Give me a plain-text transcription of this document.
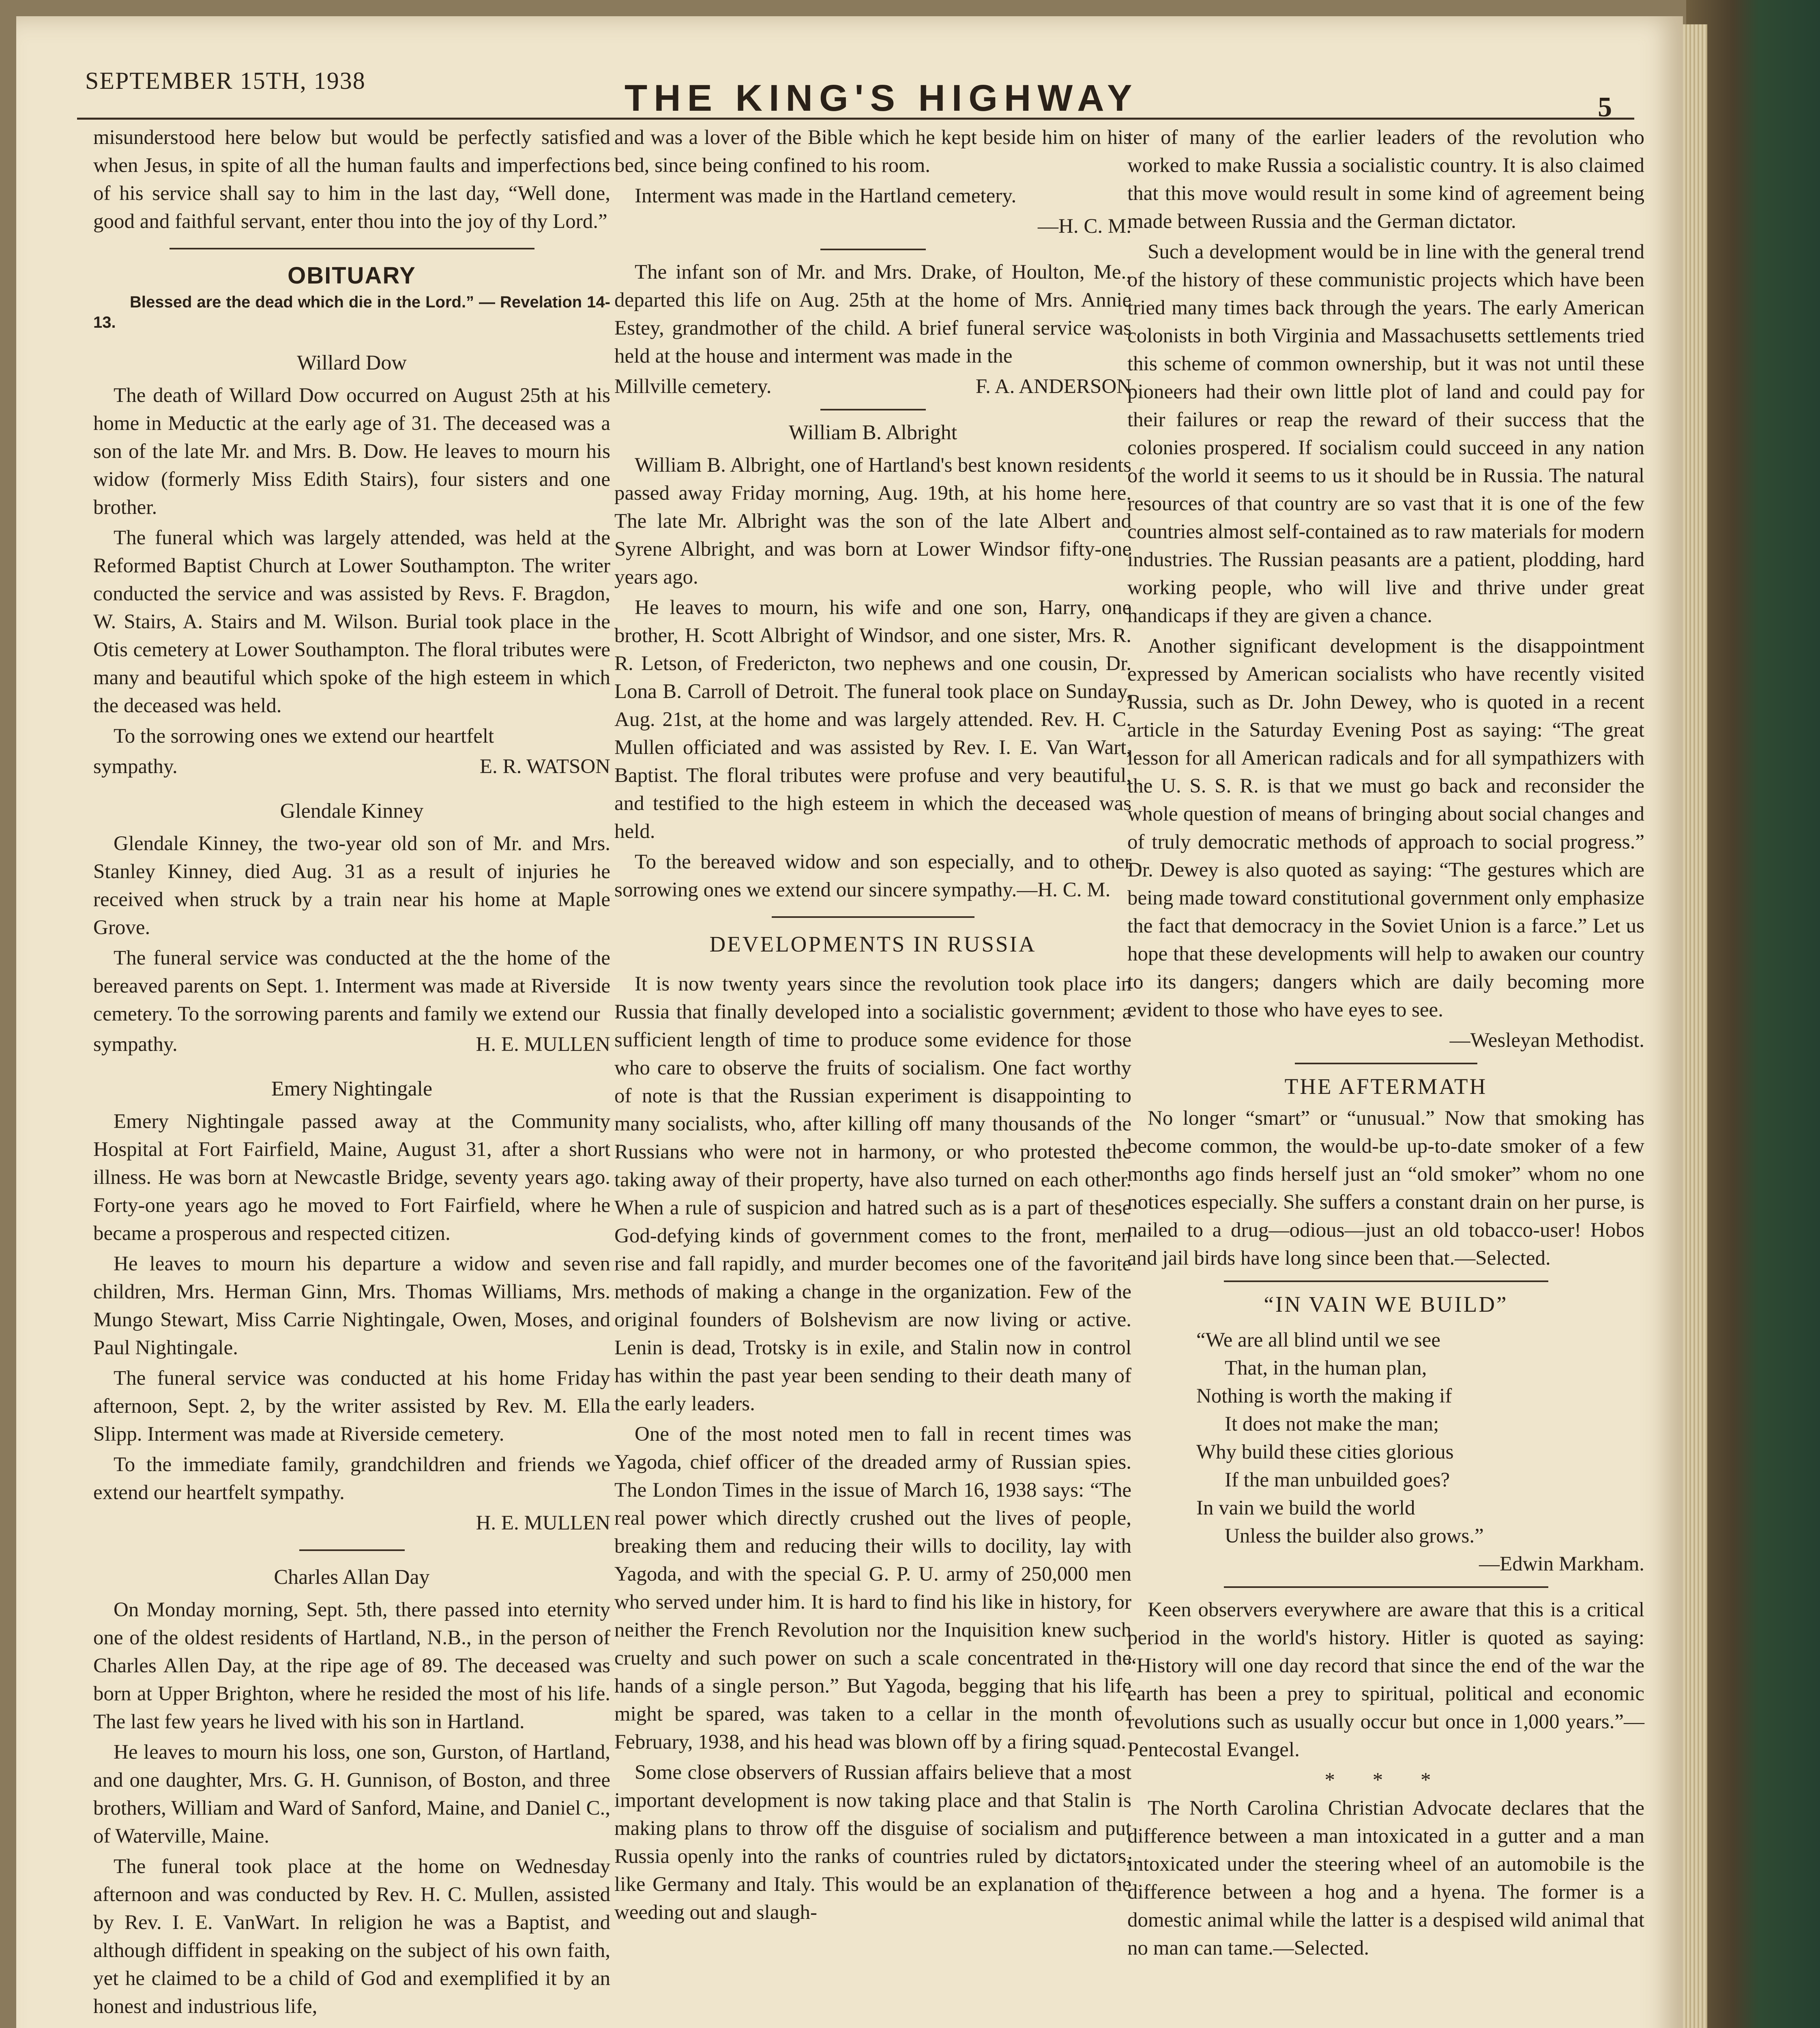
SEPTEMBER 15TH, 1938	THE KING'S HIGHWAY	5

misunderstood here below but would be perfectly satisfied when Jesus, in spite of all the human faults and imperfections of his service shall say to him in the last day, “Well done, good and faithful servant, enter thou into the joy of thy Lord.”

OBITUARY
Blessed are the dead which die in the Lord.” — Revelation 14-13.
Willard Dow

The death of Willard Dow occurred on August 25th at his home in Meductic at the early age of 31. The deceased was a son of the late Mr. and Mrs. B. Dow. He leaves to mourn his widow (formerly Miss Edith Stairs), four sisters and one brother.

The funeral which was largely attended, was held at the Reformed Baptist Church at Lower Southampton. The writer conducted the service and was assisted by Revs. F. Bragdon, W. Stairs, A. Stairs and M. Wilson. Burial took place in the Otis cemetery at Lower Southampton. The floral tributes were many and beautiful which spoke of the high esteem in which the deceased was held.

To the sorrowing ones we extend our heartfelt

sympathy.	E. R. WATSON
Glendale Kinney

Glendale Kinney, the two-year old son of Mr. and Mrs. Stanley Kinney, died Aug. 31 as a result of injuries he received when struck by a train near his home at Maple Grove.

The funeral service was conducted at the the home of the bereaved parents on Sept. 1. Interment was made at Riverside cemetery. To the sorrowing parents and family we extend our

sympathy.	H. E. MULLEN
Emery Nightingale

Emery Nightingale passed away at the Community Hospital at Fort Fairfield, Maine, August 31, after a short illness. He was born at Newcastle Bridge, seventy years ago. Forty-one years ago he moved to Fort Fairfield, where he became a prosperous and respected citizen.

He leaves to mourn his departure a widow and seven children, Mrs. Herman Ginn, Mrs. Thomas Williams, Mrs. Mungo Stewart, Miss Carrie Nightingale, Owen, Moses, and Paul Nightingale.

The funeral service was conducted at his home Friday afternoon, Sept. 2, by the writer assisted by Rev. M. Ella Slipp. Interment was made at Riverside cemetery.

To the immediate family, grandchildren and friends we extend our heartfelt sympathy.

H. E. MULLEN
Charles Allan Day

On Monday morning, Sept. 5th, there passed into eternity one of the oldest residents of Hartland, N.B., in the person of Charles Allen Day, at the ripe age of 89. The deceased was born at Upper Brighton, where he resided the most of his life. The last few years he lived with his son in Hartland.

He leaves to mourn his loss, one son, Gurston, of Hartland, and one daughter, Mrs. G. H. Gunnison, of Boston, and three brothers, William and Ward of Sanford, Maine, and Daniel C., of Waterville, Maine.

The funeral took place at the home on Wednesday afternoon and was conducted by Rev. H. C. Mullen, assisted by Rev. I. E. VanWart. In religion he was a Baptist, and although diffident in speaking on the subject of his own faith, yet he claimed to be a child of God and exemplified it by an honest and industrious life,

and was a lover of the Bible which he kept beside him on his bed, since being confined to his room.

Interment was made in the Hartland cemetery.

—H. C. M.

The infant son of Mr. and Mrs. Drake, of Houlton, Me., departed this life on Aug. 25th at the home of Mrs. Annie Estey, grandmother of the child. A brief funeral service was held at the house and interment was made in the

Millville cemetery.	F. A. ANDERSON
William B. Albright

William B. Albright, one of Hartland's best known residents passed away Friday morning, Aug. 19th, at his home here. The late Mr. Albright was the son of the late Albert and Syrene Albright, and was born at Lower Windsor fifty-one years ago.

He leaves to mourn, his wife and one son, Harry, one brother, H. Scott Albright of Windsor, and one sister, Mrs. R. R. Letson, of Fredericton, two nephews and one cousin, Dr. Lona B. Carroll of Detroit. The funeral took place on Sunday, Aug. 21st, at the home and was largely attended. Rev. H. C. Mullen officiated and was assisted by Rev. I. E. Van Wart, Baptist. The floral tributes were profuse and very beautiful, and testified to the high esteem in which the deceased was held.

To the bereaved widow and son especially, and to other sorrowing ones we extend our sincere sympathy.—H. C. M.

DEVELOPMENTS IN RUSSIA

It is now twenty years since the revolution took place in Russia that finally developed into a socialistic government; a sufficient length of time to produce some evidence for those who care to observe the fruits of socialism. One fact worthy of note is that the Russian experiment is disappointing to many socialists, who, after killing off many thousands of the Russians who were not in harmony, or who protested the taking away of their property, have also turned on each other. When a rule of suspicion and hatred such as is a part of these God-defying kinds of government comes to the front, men rise and fall rapidly, and murder becomes one of the favorite methods of making a change in the organization. Few of the original founders of Bolshevism are now living or active. Lenin is dead, Trotsky is in exile, and Stalin now in control has within the past year been sending to their death many of the early leaders.

One of the most noted men to fall in recent times was Yagoda, chief officer of the dreaded army of Russian spies. The London Times in the issue of March 16, 1938 says: “The real power which directly crushed out the lives of people, breaking them and reducing their wills to docility, lay with Yagoda, and with the special G. P. U. army of 250,000 men who served under him. It is hard to find his like in history, for neither the French Revolution nor the Inquisition knew such cruelty and such power on such a scale concentrated in the hands of a single person.” But Yagoda, begging that his life might be spared, was taken to a cellar in the month of February, 1938, and his head was blown off by a firing squad.

Some close observers of Russian affairs believe that a most important development is now taking place and that Stalin is making plans to throw off the disguise of socialism and put Russia openly into the ranks of countries ruled by dictators, like Germany and Italy. This would be an explanation of the weeding out and slaugh-

ter of many of the earlier leaders of the revolution who worked to make Russia a socialistic country. It is also claimed that this move would result in some kind of agreement being made between Russia and the German dictator.

Such a development would be in line with the general trend of the history of these communistic projects which have been tried many times back through the years. The early American colonists in both Virginia and Massachusetts settlements tried this scheme of common ownership, but it was not until these pioneers had their own little plot of land and could pay for their failures or reap the reward of their success that the colonies prospered. If socialism could succeed in any nation of the world it seems to us it should be in Russia. The natural resources of that country are so vast that it is one of the few countries almost self-contained as to raw materials for modern industries. The Russian peasants are a patient, plodding, hard working people, who will live and thrive under great handicaps if they are given a chance.

Another significant development is the disappointment expressed by American socialists who have recently visited Russia, such as Dr. John Dewey, who is quoted in a recent article in the Saturday Evening Post as saying: “The great lesson for all American radicals and for all sympathizers with the U. S. S. R. is that we must go back and reconsider the whole question of means of bringing about social changes and of truly democratic methods of approach to social progress.” Dr. Dewey is also quoted as saying: “The gestures which are being made toward constitutional government only emphasize the fact that democracy in the Soviet Union is a farce.” Let us hope that these developments will help to awaken our country to its dangers; dangers which are daily becoming more evident to those who have eyes to see.

—Wesleyan Methodist.
THE AFTERMATH

No longer “smart” or “unusual.” Now that smoking has become common, the would-be up-to-date smoker of a few months ago finds herself just an “old smoker” whom no one notices especially. She suffers a constant drain on her purse, is nailed to a drug—odious—just an old tobacco-user! Hobos and jail birds have long since been that.—Selected.

“IN VAIN WE BUILD”
“We are all blind until we see
That, in the human plan,
Nothing is worth the making if
It does not make the man;
Why build these cities glorious
If the man unbuilded goes?
In vain we build the world
Unless the builder also grows.”
—Edwin Markham.

Keen observers everywhere are aware that this is a critical period in the world's history. Hitler is quoted as saying: “History will one day record that since the end of the war the earth has been a prey to spiritual, political and economic revolutions such as usually occur but once in 1,000 years.”—Pentecostal Evangel.

* * *

The North Carolina Christian Advocate declares that the difference between a man intoxicated in a gutter and a man intoxicated under the steering wheel of an automobile is the difference between a hog and a hyena. The former is a domestic animal while the latter is a despised wild animal that no man can tame.—Selected.
